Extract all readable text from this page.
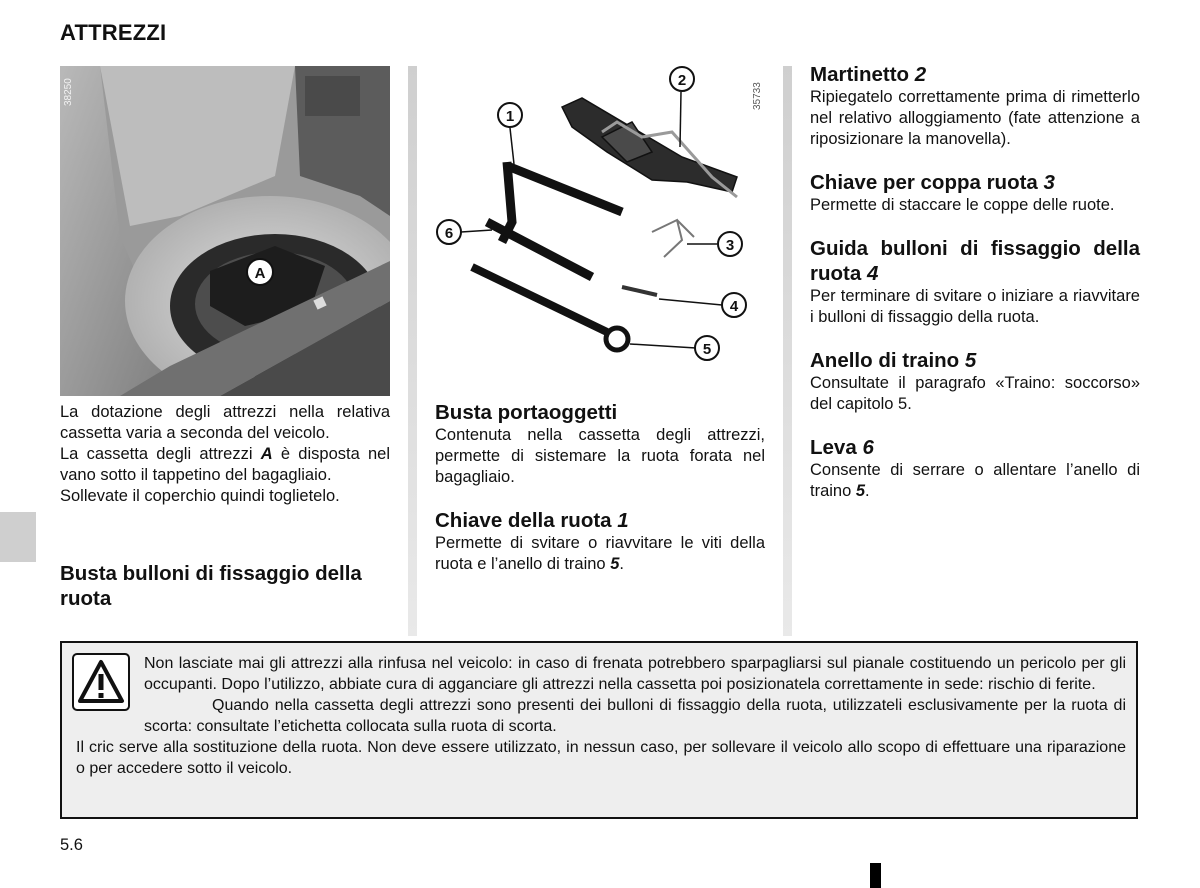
ATTREZZI
A
38250

La dotazione degli attrezzi nella relativa cassetta varia a seconda del veicolo.

La cassetta degli attrezzi A è disposta nel vano sotto il tappetino del bagagliaio.

Sollevate il coperchio quindi toglietelo.

Busta bulloni di fissaggio della ruota
1
2
3
4
5
6
35733
Busta portaoggetti

Contenuta nella cassetta degli attrezzi, permette di sistemare la ruota forata nel bagagliaio.

Chiave della ruota 1

Permette di svitare o riavvitare le viti della ruota e l’anello di traino 5.

Martinetto 2

Ripiegatelo correttamente prima di rimetterlo nel relativo alloggiamento (fate attenzione a riposizionare la manovella).

Chiave per coppa ruota 3

Permette di staccare le coppe delle ruote.

Guida bulloni di fissaggio della ruota 4

Per terminare di svitare o iniziare a riavvitare i bulloni di fissaggio della ruota.

Anello di traino 5

Consultate il paragrafo «Traino: soccorso» del capitolo 5.

Leva 6

Consente di serrare o allentare l’anello di traino 5.

Non lasciate mai gli attrezzi alla rinfusa nel veicolo: in caso di frenata potrebbero sparpagliarsi sul pianale costituendo un pericolo per gli occupanti. Dopo l’utilizzo, abbiate cura di agganciare gli attrezzi nella cassetta poi posizionatela correttamente in sede: rischio di ferite.

Quando nella cassetta degli attrezzi sono presenti dei bulloni di fissaggio della ruota, utilizzateli esclusivamente per la ruota di scorta: consultate l’etichetta collocata sulla ruota di scorta.

Il cric serve alla sostituzione della ruota. Non deve essere utilizzato, in nessun caso, per sollevare il veicolo allo scopo di effettuare una riparazione o per accedere sotto il veicolo.

5.6
